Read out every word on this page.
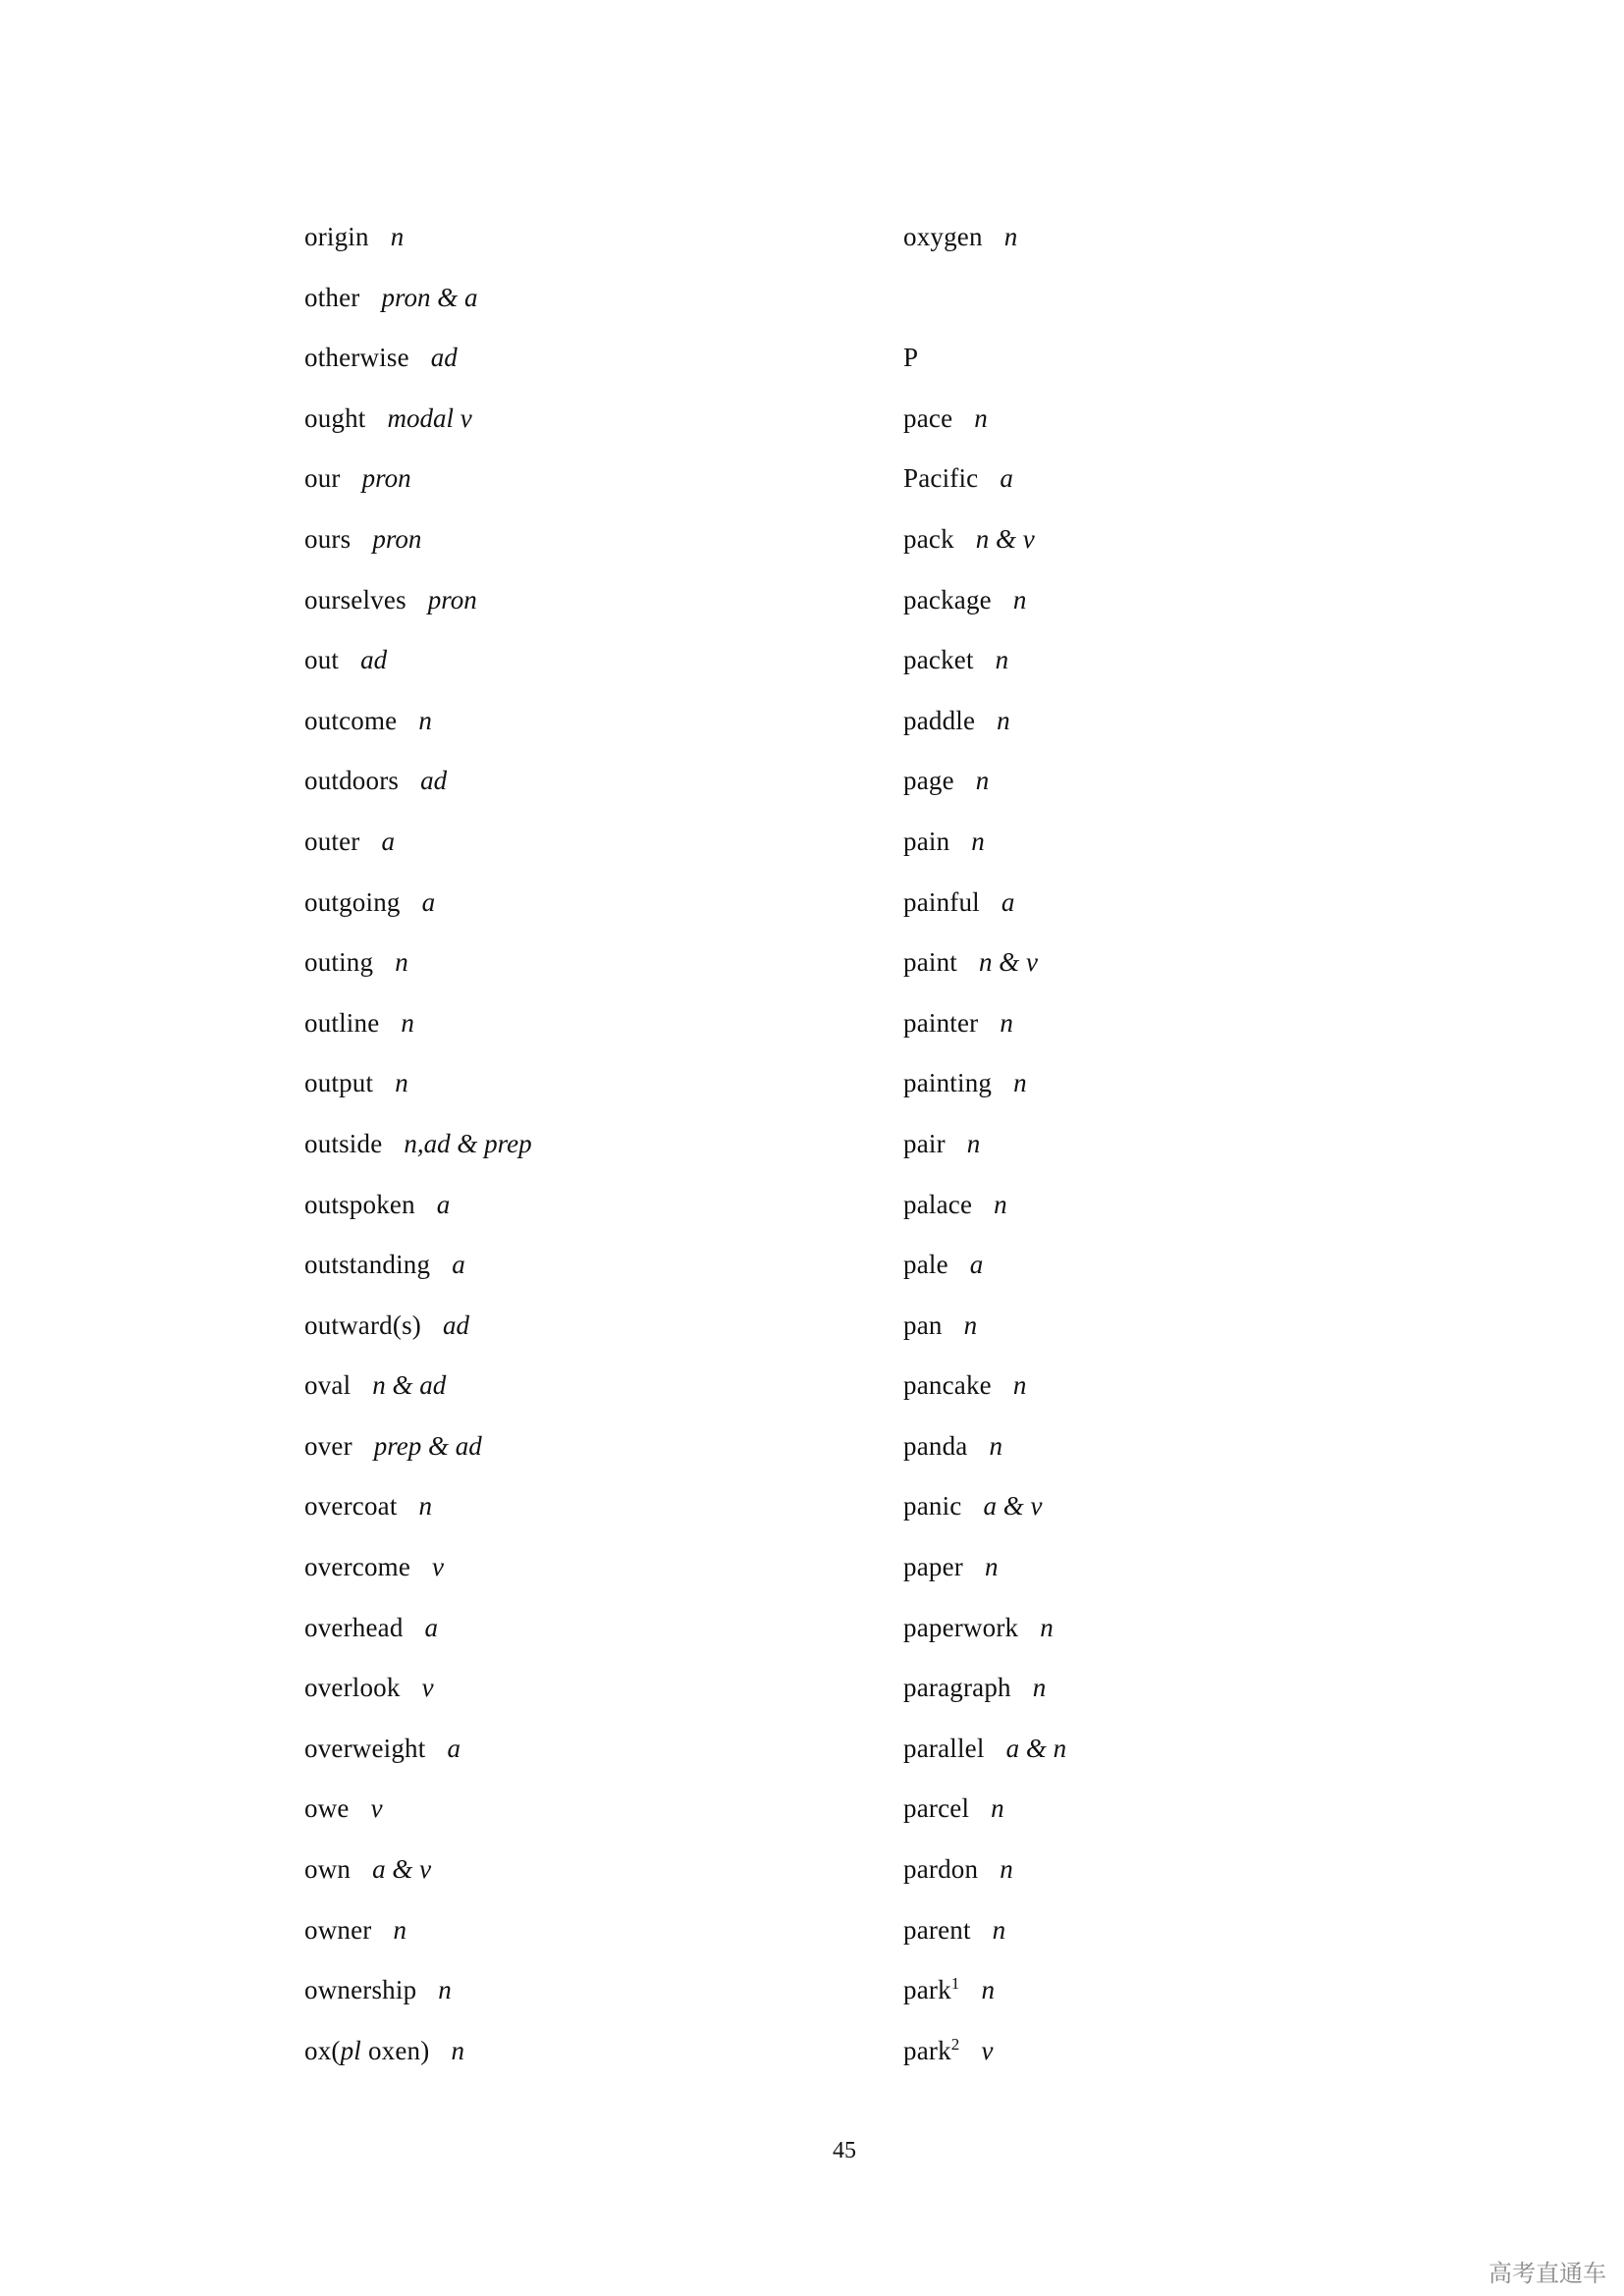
origin n
other pron & a
otherwise ad
ought modal v
our pron
ours pron
ourselves pron
out ad
outcome n
outdoors ad
outer a
outgoing a
outing n
outline n
output n
outside n,ad & prep
outspoken a
outstanding a
outward(s) ad
oval n & ad
over prep & ad
overcoat n
overcome v
overhead a
overlook v
overweight a
owe v
own a & v
owner n
ownership n
ox(pl oxen) n
oxygen n
P
pace n
Pacific a
pack n & v
package n
packet n
paddle n
page n
pain n
painful a
paint n & v
painter n
painting n
pair n
palace n
pale a
pan n
pancake n
panda n
panic a & v
paper n
paperwork n
paragraph n
parallel a & n
parcel n
pardon n
parent n
park$^1$ n
park$^2$ v
45
高考直通车
